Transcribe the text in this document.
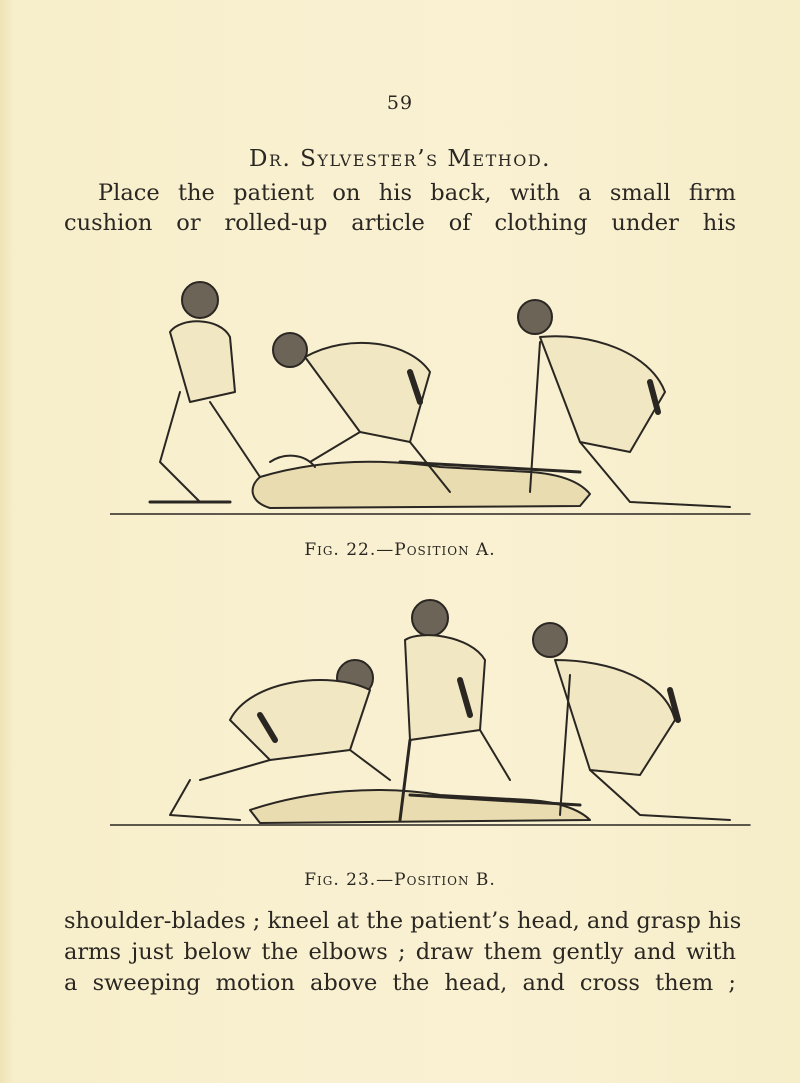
59
Dr. Sylvester’s Method.
Place the patient on his back, with a small firm
cushion or rolled-up article of clothing under his
Fig. 22.—Position A.
Fig. 23.—Position B.
shoulder-blades ; kneel at the patient’s head, and grasp his
arms just below the elbows ; draw them gently and with
a sweeping motion above the head, and cross them ;
